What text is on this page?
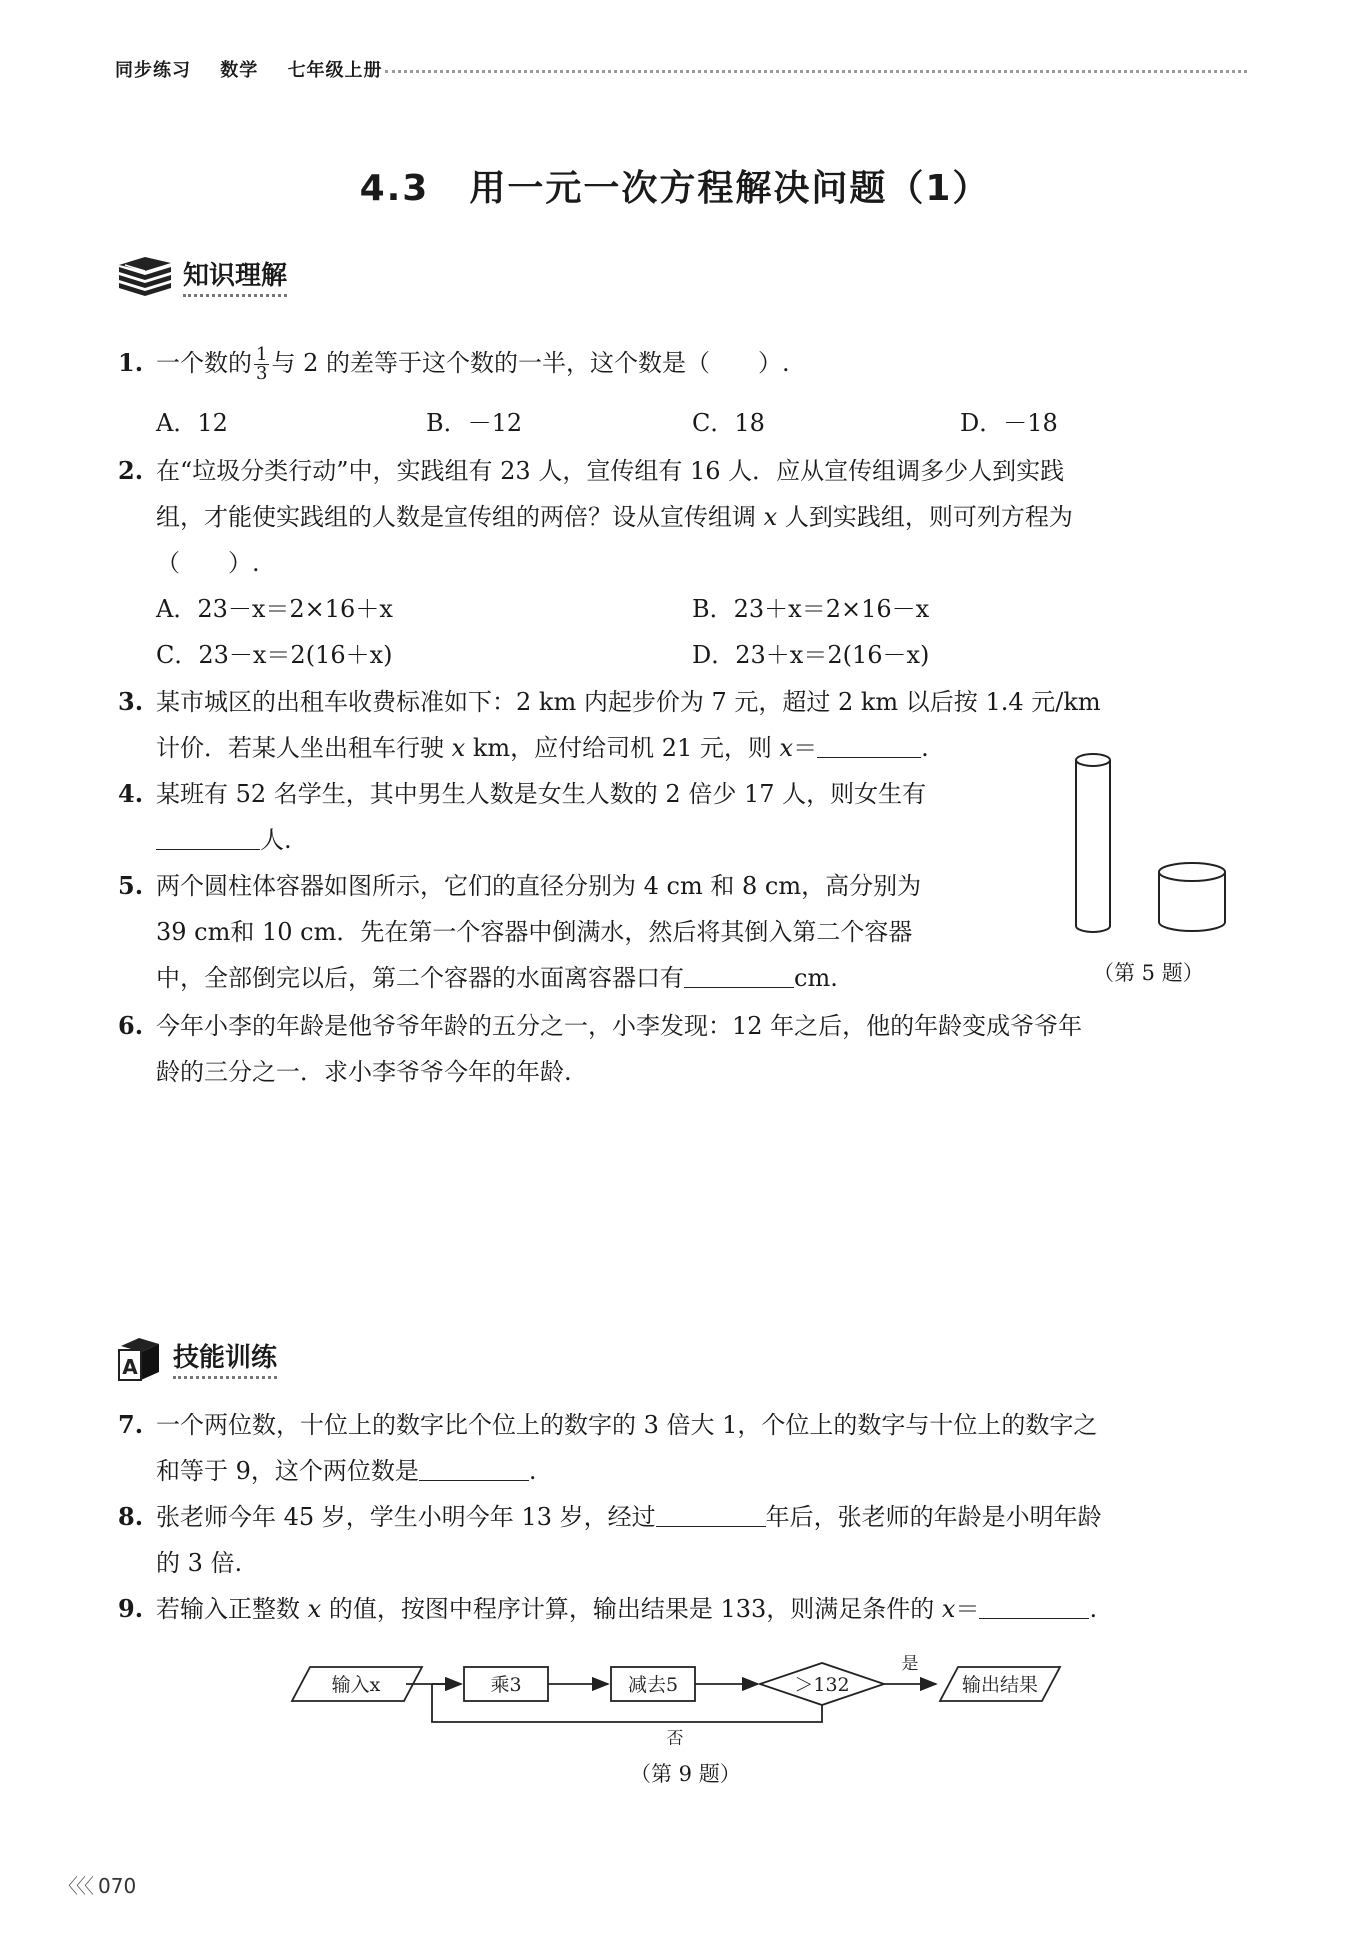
同步练习 数学 七年级上册
4.3 用一元一次方程解决问题（1）
知识理解
1. 一个数的 $\frac{1}{3}$ 与 2 的差等于这个数的一半，这个数是（　　）.
A．12	B．－12	C．18	D．－18
2. 在“垃圾分类行动”中，实践组有 23 人，宣传组有 16 人．应从宣传组调多少人到实践
组，才能使实践组的人数是宣传组的两倍？设从宣传组调 x 人到实践组，则可列方程为
（　　）.
A．23－x＝2×16＋x	B．23＋x＝2×16－x
C．23－x＝2(16＋x)	D．23＋x＝2(16－x)
3. 某市城区的出租车收费标准如下：2 km 内起步价为 7 元，超过 2 km 以后按 1.4 元/km
计价．若某人坐出租车行驶 x km，应付给司机 21 元，则 x＝	.
4. 某班有 52 名学生，其中男生人数是女生人数的 2 倍少 17 人，则女生有
人.
5. 两个圆柱体容器如图所示，它们的直径分别为 4 cm 和 8 cm，高分别为
39 cm和 10 cm．先在第一个容器中倒满水，然后将其倒入第二个容器
中，全部倒完以后，第二个容器的水面离容器口有	cm.	（第 5 题）
6. 今年小李的年龄是他爷爷年龄的五分之一，小李发现：12 年之后，他的年龄变成爷爷年
龄的三分之一．求小李爷爷今年的年龄.
A 技能训练
7. 一个两位数，十位上的数字比个位上的数字的 3 倍大 1，个位上的数字与十位上的数字之
和等于 9，这个两位数是	.
8. 张老师今年 45 岁，学生小明今年 13 岁，经过	年后，张老师的年龄是小明年龄
的 3 倍.
9. 若输入正整数 x 的值，按图中程序计算，输出结果是 133，则满足条件的 x＝	.
输入x	乘3	减去5	＞132
是
否
输出结果
（第 9 题）
〈〈〈 070
